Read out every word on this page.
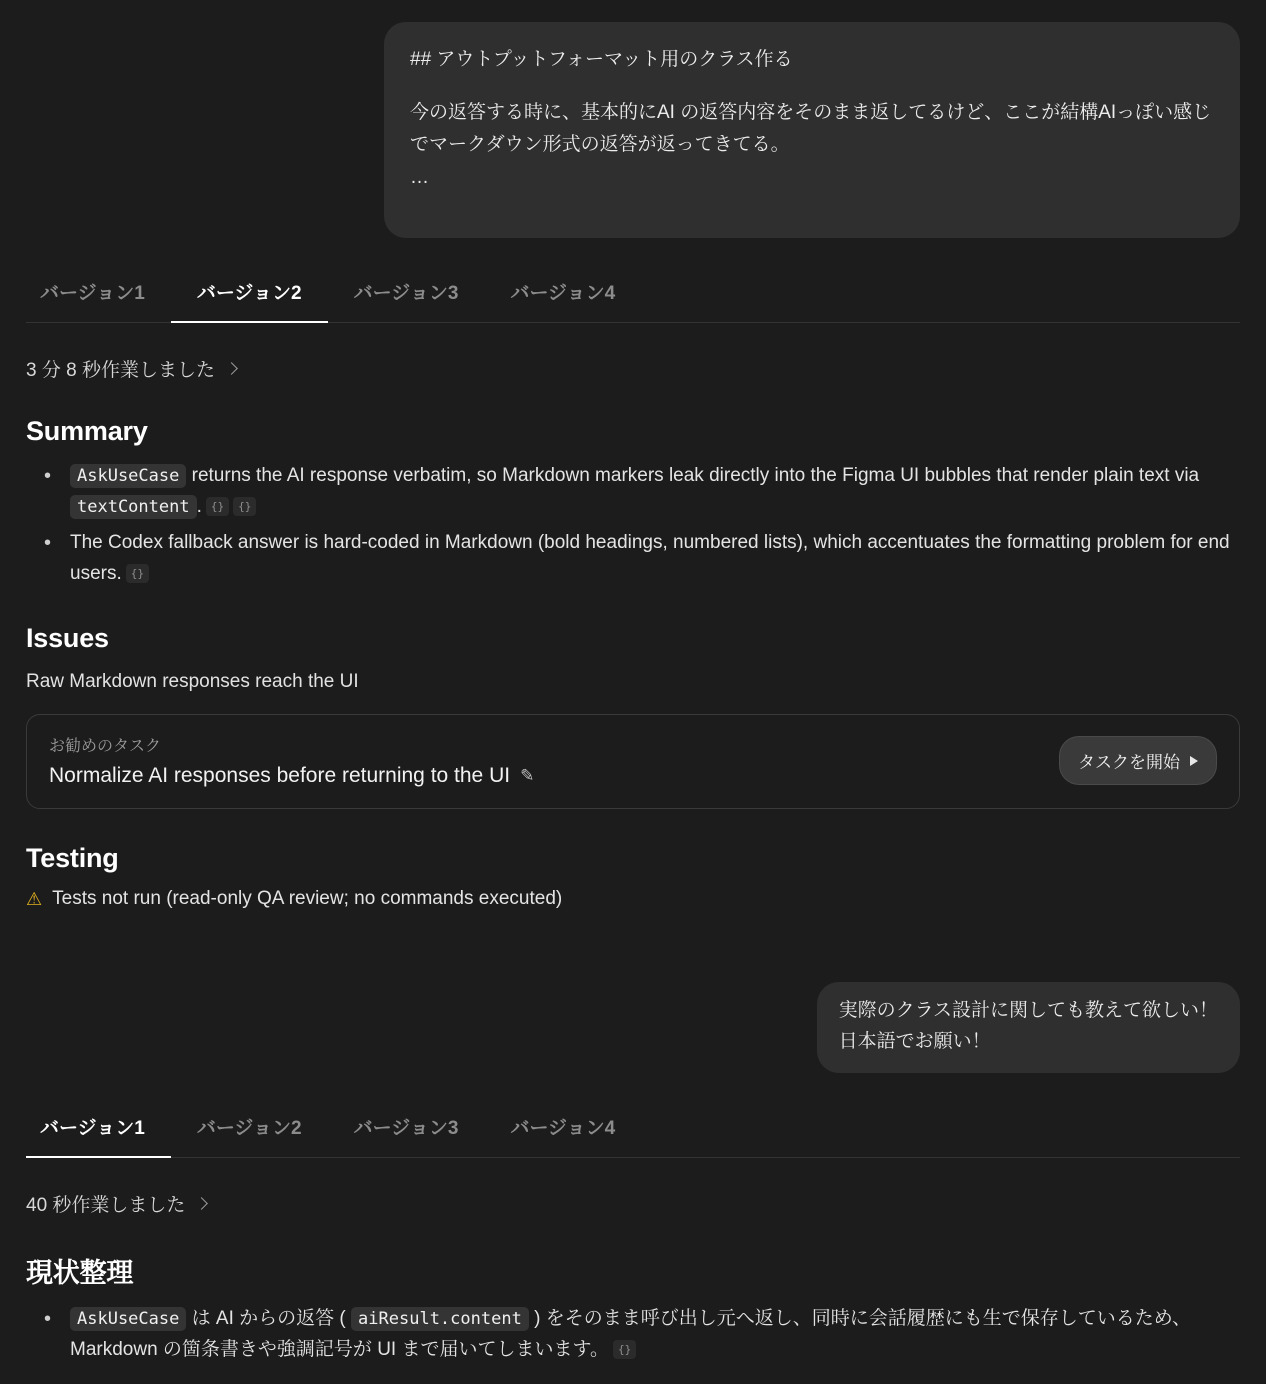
## アウトプットフォーマット用のクラス作る

今の返答する時に、基本的にAI の返答内容をそのまま返してるけど、ここが結構AIっぽい感じでマークダウン形式の返答が返ってきてる。

…

バージョン1	バージョン2	バージョン3	バージョン4
3 分 8 秒作業しました
Summary
• AskUseCase returns the AI response verbatim, so Markdown markers leak directly into the Figma UI bubbles that render plain text via textContent . {} {}
• The Codex fallback answer is hard-coded in Markdown (bold headings, numbered lists), which accentuates the formatting problem for end users. {}
Issues

Raw Markdown responses reach the UI

お勧めのタスク
Normalize AI responses before returning to the UI ✎
タスクを開始
Testing
⚠ Tests not run (read-only QA review; no commands executed)
実際のクラス設計に関しても教えて欲しい！
日本語でお願い！
バージョン1	バージョン2	バージョン3	バージョン4
40 秒作業しました
現状整理
• AskUseCase は AI からの返答 ( aiResult.content ) をそのまま呼び出し元へ返し、同時に会話履歴にも生で保存しているため、Markdown の箇条書きや強調記号が UI まで届いてしまいます。 {}
